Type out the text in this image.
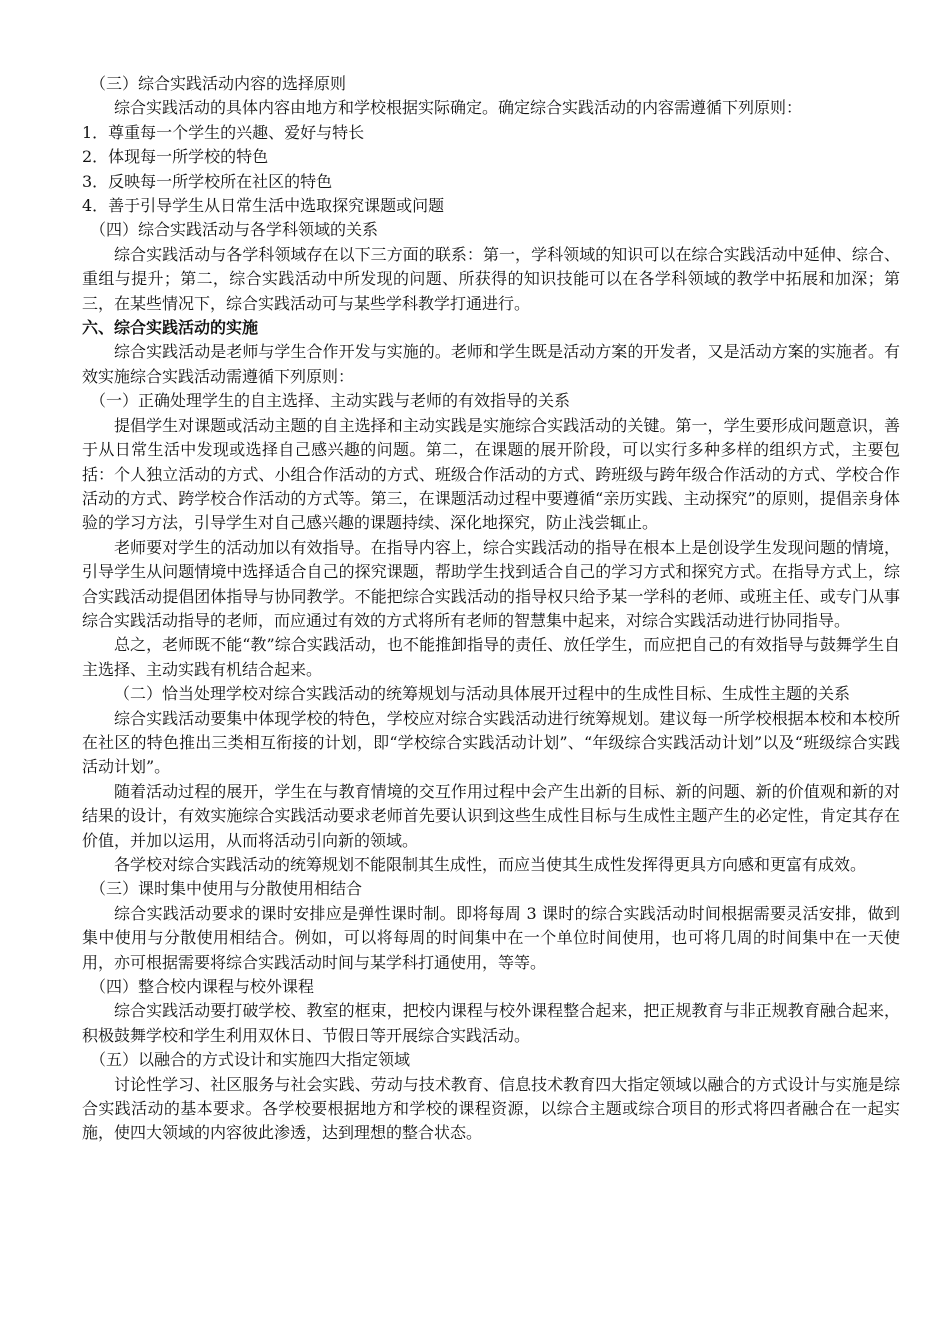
（三）综合实践活动内容的选择原则

综合实践活动的具体内容由地方和学校根据实际确定。确定综合实践活动的内容需遵循下列原则：

1．尊重每一个学生的兴趣、爱好与特长

2．体现每一所学校的特色

3．反映每一所学校所在社区的特色

4．善于引导学生从日常生活中选取探究课题或问题

（四）综合实践活动与各学科领域的关系

综合实践活动与各学科领域存在以下三方面的联系：第一，学科领域的知识可以在综合实践活动中延伸、综合、重组与提升；第二，综合实践活动中所发现的问题、所获得的知识技能可以在各学科领域的教学中拓展和加深；第三，在某些情况下，综合实践活动可与某些学科教学打通进行。

六、综合实践活动的实施

综合实践活动是老师与学生合作开发与实施的。老师和学生既是活动方案的开发者，又是活动方案的实施者。有效实施综合实践活动需遵循下列原则：

（一）正确处理学生的自主选择、主动实践与老师的有效指导的关系

提倡学生对课题或活动主题的自主选择和主动实践是实施综合实践活动的关键。第一，学生要形成问题意识，善于从日常生活中发现或选择自己感兴趣的问题。第二，在课题的展开阶段，可以实行多种多样的组织方式，主要包括：个人独立活动的方式、小组合作活动的方式、班级合作活动的方式、跨班级与跨年级合作活动的方式、学校合作活动的方式、跨学校合作活动的方式等。第三，在课题活动过程中要遵循“亲历实践、主动探究”的原则，提倡亲身体验的学习方法，引导学生对自己感兴趣的课题持续、深化地探究，防止浅尝辄止。

老师要对学生的活动加以有效指导。在指导内容上，综合实践活动的指导在根本上是创设学生发现问题的情境，引导学生从问题情境中选择适合自己的探究课题，帮助学生找到适合自己的学习方式和探究方式。在指导方式上，综合实践活动提倡团体指导与协同教学。不能把综合实践活动的指导权只给予某一学科的老师、或班主任、或专门从事综合实践活动指导的老师，而应通过有效的方式将所有老师的智慧集中起来，对综合实践活动进行协同指导。

总之，老师既不能“教”综合实践活动，也不能推卸指导的责任、放任学生，而应把自己的有效指导与鼓舞学生自主选择、主动实践有机结合起来。

（二）恰当处理学校对综合实践活动的统筹规划与活动具体展开过程中的生成性目标、生成性主题的关系

综合实践活动要集中体现学校的特色，学校应对综合实践活动进行统筹规划。建议每一所学校根据本校和本校所在社区的特色推出三类相互衔接的计划，即“学校综合实践活动计划”、“年级综合实践活动计划”以及“班级综合实践活动计划”。

随着活动过程的展开，学生在与教育情境的交互作用过程中会产生出新的目标、新的问题、新的价值观和新的对结果的设计，有效实施综合实践活动要求老师首先要认识到这些生成性目标与生成性主题产生的必定性，肯定其存在价值，并加以运用，从而将活动引向新的领域。

各学校对综合实践活动的统筹规划不能限制其生成性，而应当使其生成性发挥得更具方向感和更富有成效。

（三）课时集中使用与分散使用相结合

综合实践活动要求的课时安排应是弹性课时制。即将每周 3 课时的综合实践活动时间根据需要灵活安排，做到集中使用与分散使用相结合。例如，可以将每周的时间集中在一个单位时间使用，也可将几周的时间集中在一天使用，亦可根据需要将综合实践活动时间与某学科打通使用，等等。

（四）整合校内课程与校外课程

综合实践活动要打破学校、教室的框束，把校内课程与校外课程整合起来，把正规教育与非正规教育融合起来，积极鼓舞学校和学生利用双休日、节假日等开展综合实践活动。

（五）以融合的方式设计和实施四大指定领域

讨论性学习、社区服务与社会实践、劳动与技术教育、信息技术教育四大指定领域以融合的方式设计与实施是综合实践活动的基本要求。各学校要根据地方和学校的课程资源，以综合主题或综合项目的形式将四者融合在一起实施，使四大领域的内容彼此渗透，达到理想的整合状态。
